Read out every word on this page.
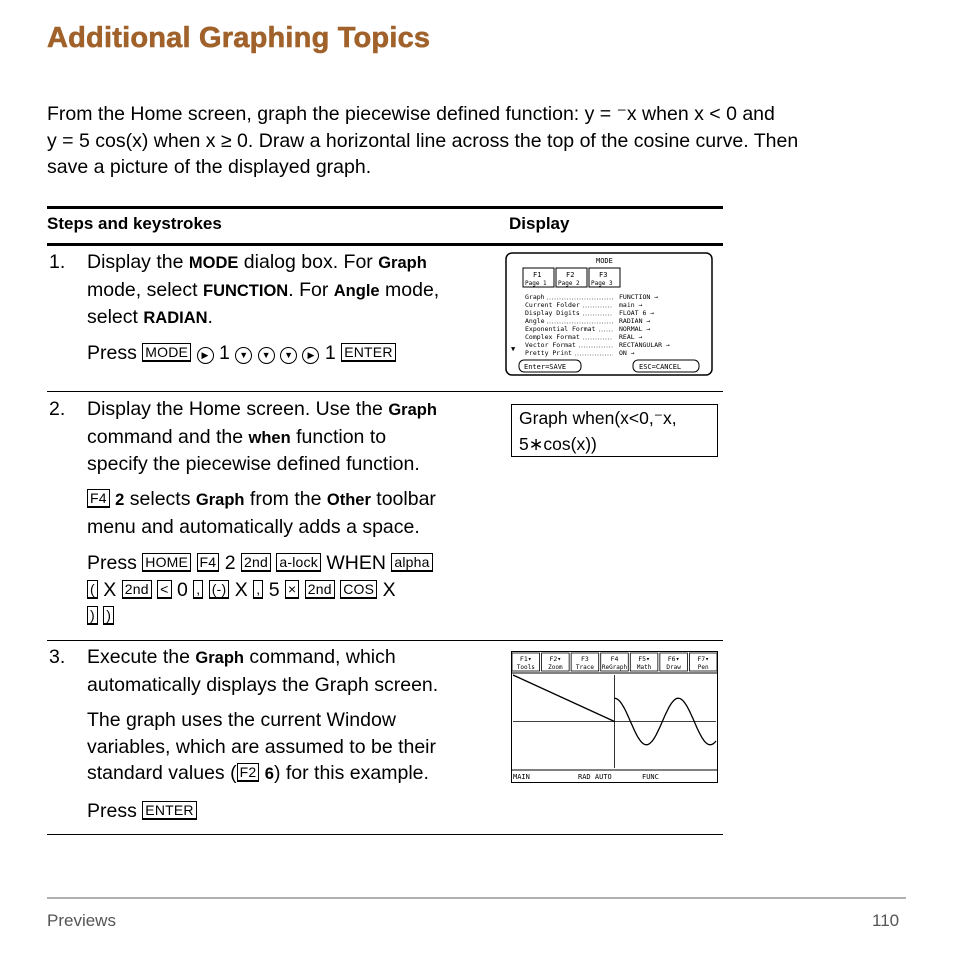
Additional Graphing Topics
From the Home screen, graph the piecewise defined function: y = ⁻x when x < 0 and
y = 5 cos(x) when x ≥ 0. Draw a horizontal line across the top of the cosine curve. Then
save a picture of the displayed graph.
Steps and keystrokes	Display
1. Display the MODE dialog box. For Graph
mode, select FUNCTION. For Angle mode,
select RADIAN.
Press MODE ▶ 1 ▼ ▼ ▼ ▶ 1 ENTER
F1
Page 1
F2
Page 2
F3
Page 3
MODE
Graph	FUNCTION →
Current Folder	main →
Display Digits	FLOAT 6 →
Angle	RADIAN →
Exponential Format	NORMAL →
Complex Format	REAL →
Vector Format	RECTANGULAR →
Pretty Print	ON →
▼
Enter=SAVE	ESC=CANCEL
2. Display the Home screen. Use the Graph
command and the when function to
specify the piecewise defined function.
F4 2 selects Graph from the Other toolbar
menu and automatically adds a space.
Press HOME F4 2 2nd a-lock WHEN alpha
( X 2nd < 0 , (-) X , 5 × 2nd COS X
) )
Graph when(x<0,⁻x,
5∗cos(x))
3. Execute the Graph command, which
automatically displays the Graph screen.
The graph uses the current Window
variables, which are assumed to be their
standard values ( F2 6) for this example.
Press ENTER
F1▾
Tools
F2▾
Zoom
F3
Trace
F4
ReGraph
F5▾
Math
F6▾
Draw
F7▾
Pen
MAIN	RAD AUTO	FUNC
Previews	110
